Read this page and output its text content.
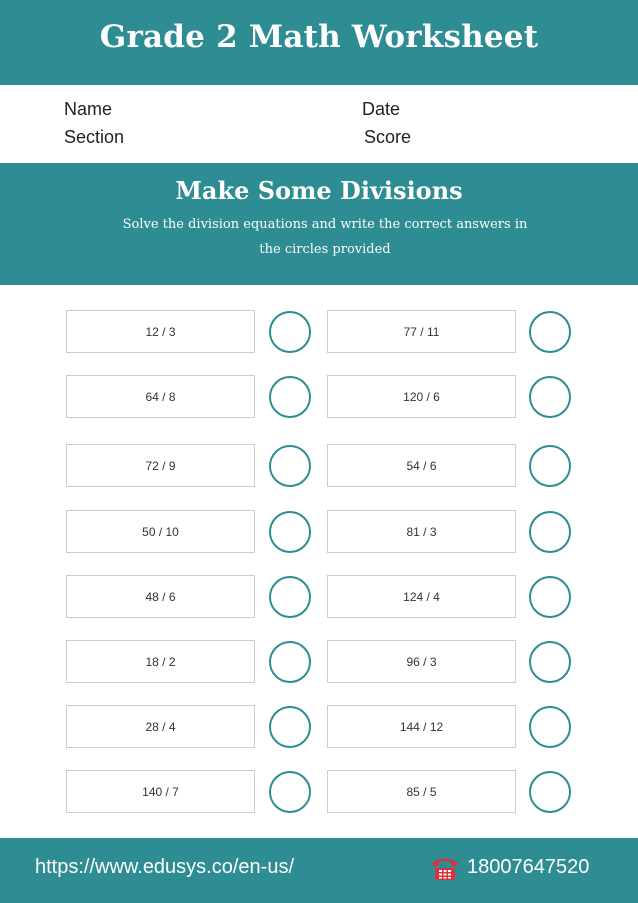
Grade 2 Math Worksheet
Name	Date
Section	Score
Make Some Divisions
Solve the division equations and write the correct answers in
the circles provided
12 / 3
64 / 8
72 / 9
50 / 10
48 / 6
18 / 2
28 / 4
140 / 7
77 / 11
120 / 6
54 / 6
81 / 3
124 / 4
96 / 3
144 / 12
85 / 5
https://www.edusys.co/en-us/	18007647520
